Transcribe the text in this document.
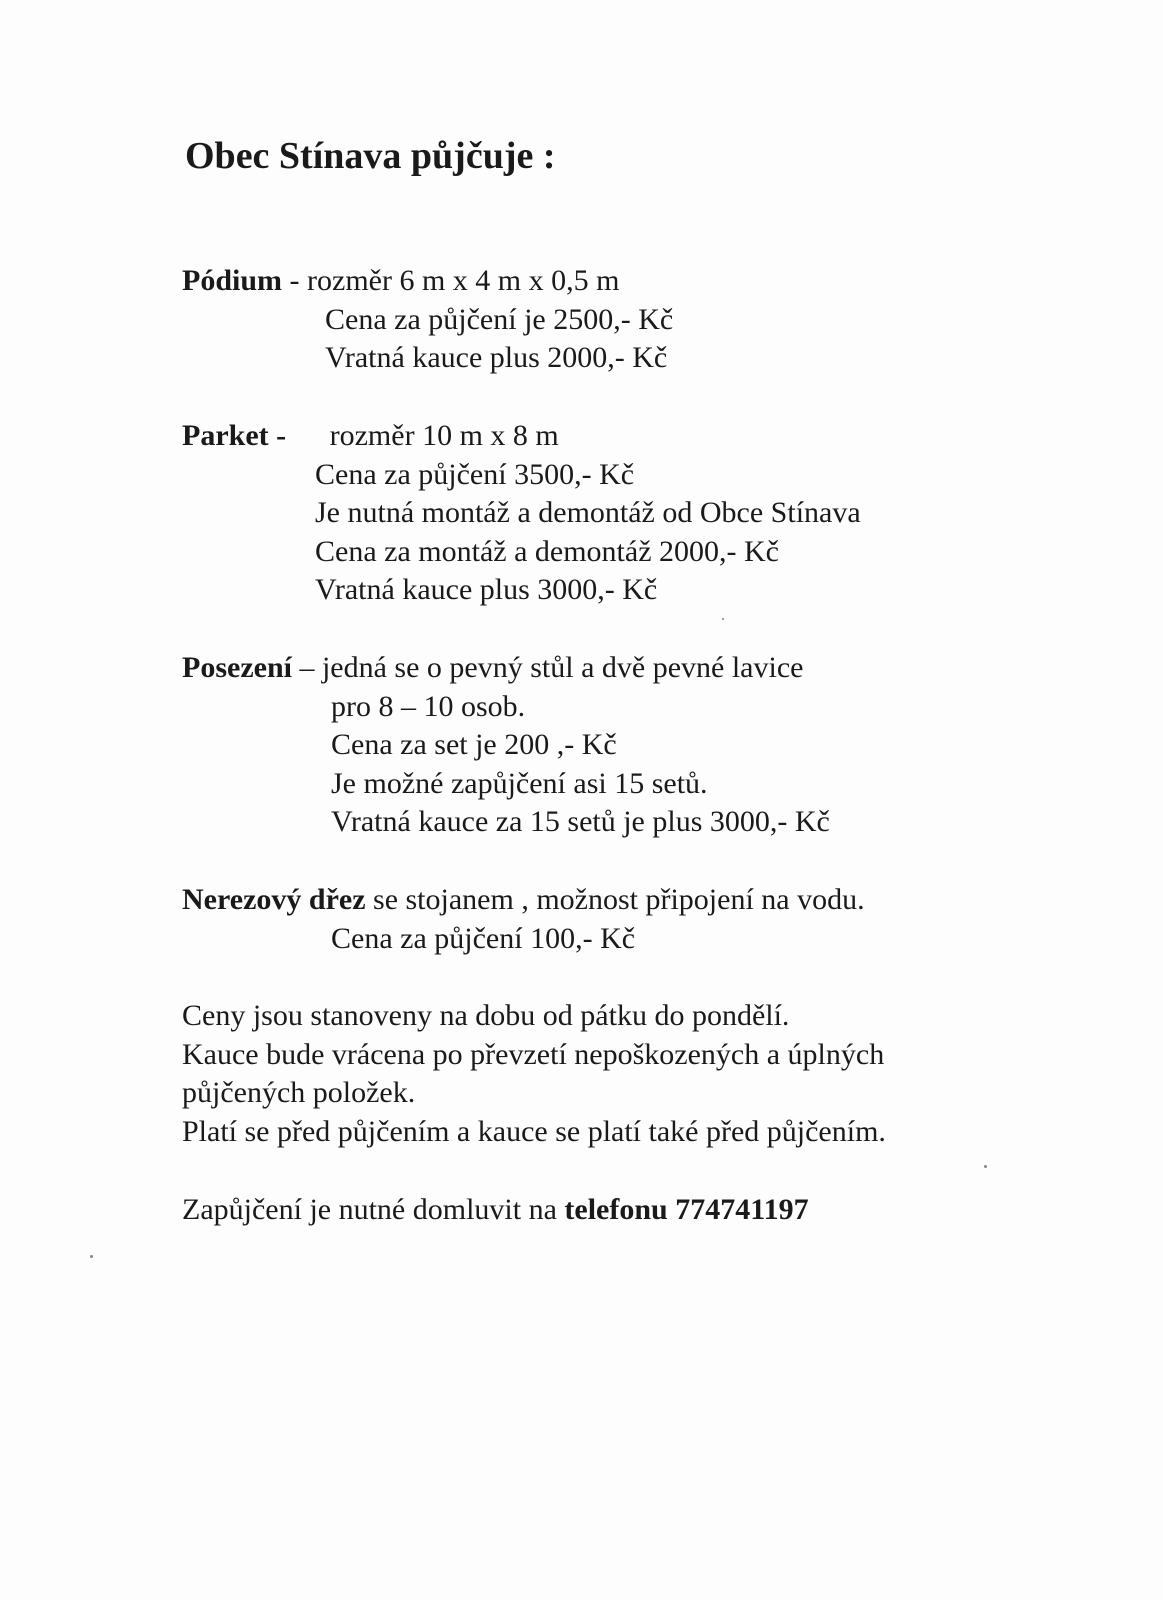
Obec Stínava půjčuje :
Pódium - rozměr 6 m x 4 m x 0,5 m
Cena za půjčení je 2500,- Kč
Vratná kauce plus 2000,- Kč
Parket - rozměr 10 m x 8 m
Cena za půjčení 3500,- Kč
Je nutná montáž a demontáž od Obce Stínava
Cena za montáž a demontáž 2000,- Kč
Vratná kauce plus 3000,- Kč
Posezení – jedná se o pevný stůl a dvě pevné lavice
pro 8 – 10 osob.
Cena za set je 200 ,- Kč
Je možné zapůjčení asi 15 setů.
Vratná kauce za 15 setů je plus 3000,- Kč
Nerezový dřez se stojanem , možnost připojení na vodu.
Cena za půjčení 100,- Kč
Ceny jsou stanoveny na dobu od pátku do pondělí.
Kauce bude vrácena po převzetí nepoškozených a úplných
půjčených položek.
Platí se před půjčením a kauce se platí také před půjčením.
Zapůjčení je nutné domluvit na telefonu 774741197
